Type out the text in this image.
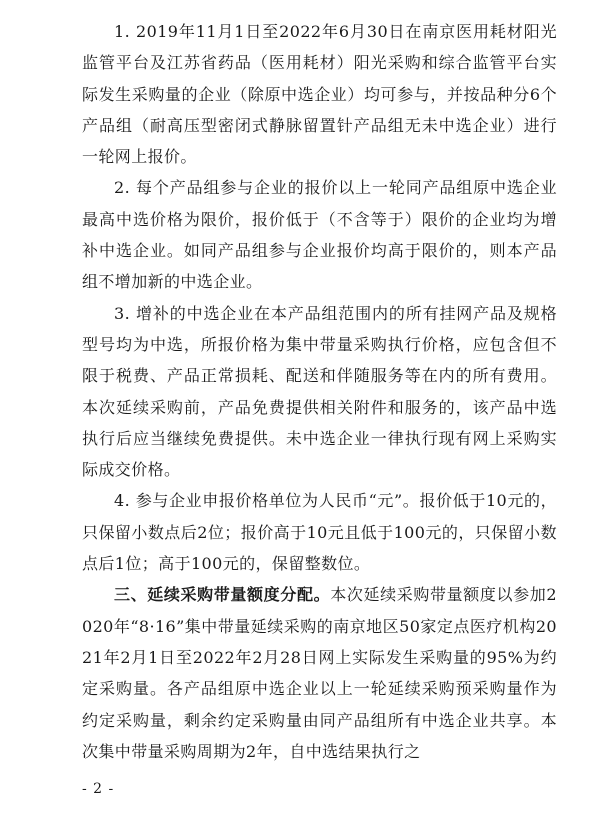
1. 2019年11月1日至2022年6月30日在南京医用耗材阳光监管平台及江苏省药品（医用耗材）阳光采购和综合监管平台实际发生采购量的企业（除原中选企业）均可参与，并按品种分6个产品组（耐高压型密闭式静脉留置针产品组无未中选企业）进行一轮网上报价。

2. 每个产品组参与企业的报价以上一轮同产品组原中选企业最高中选价格为限价，报价低于（不含等于）限价的企业均为增补中选企业。如同产品组参与企业报价均高于限价的，则本产品组不增加新的中选企业。

3. 增补的中选企业在本产品组范围内的所有挂网产品及规格型号均为中选，所报价格为集中带量采购执行价格，应包含但不限于税费、产品正常损耗、配送和伴随服务等在内的所有费用。本次延续采购前，产品免费提供相关附件和服务的，该产品中选执行后应当继续免费提供。未中选企业一律执行现有网上采购实际成交价格。

4. 参与企业申报价格单位为人民币“元”。报价低于10元的，只保留小数点后2位；报价高于10元且低于100元的，只保留小数点后1位；高于100元的，保留整数位。

三、延续采购带量额度分配。本次延续采购带量额度以参加2020年“8·16”集中带量延续采购的南京地区50家定点医疗机构2021年2月1日至2022年2月28日网上实际发生采购量的95%为约定采购量。各产品组原中选企业以上一轮延续采购预采购量作为约定采购量，剩余约定采购量由同产品组所有中选企业共享。本次集中带量采购周期为2年，自中选结果执行之

- 2 -
